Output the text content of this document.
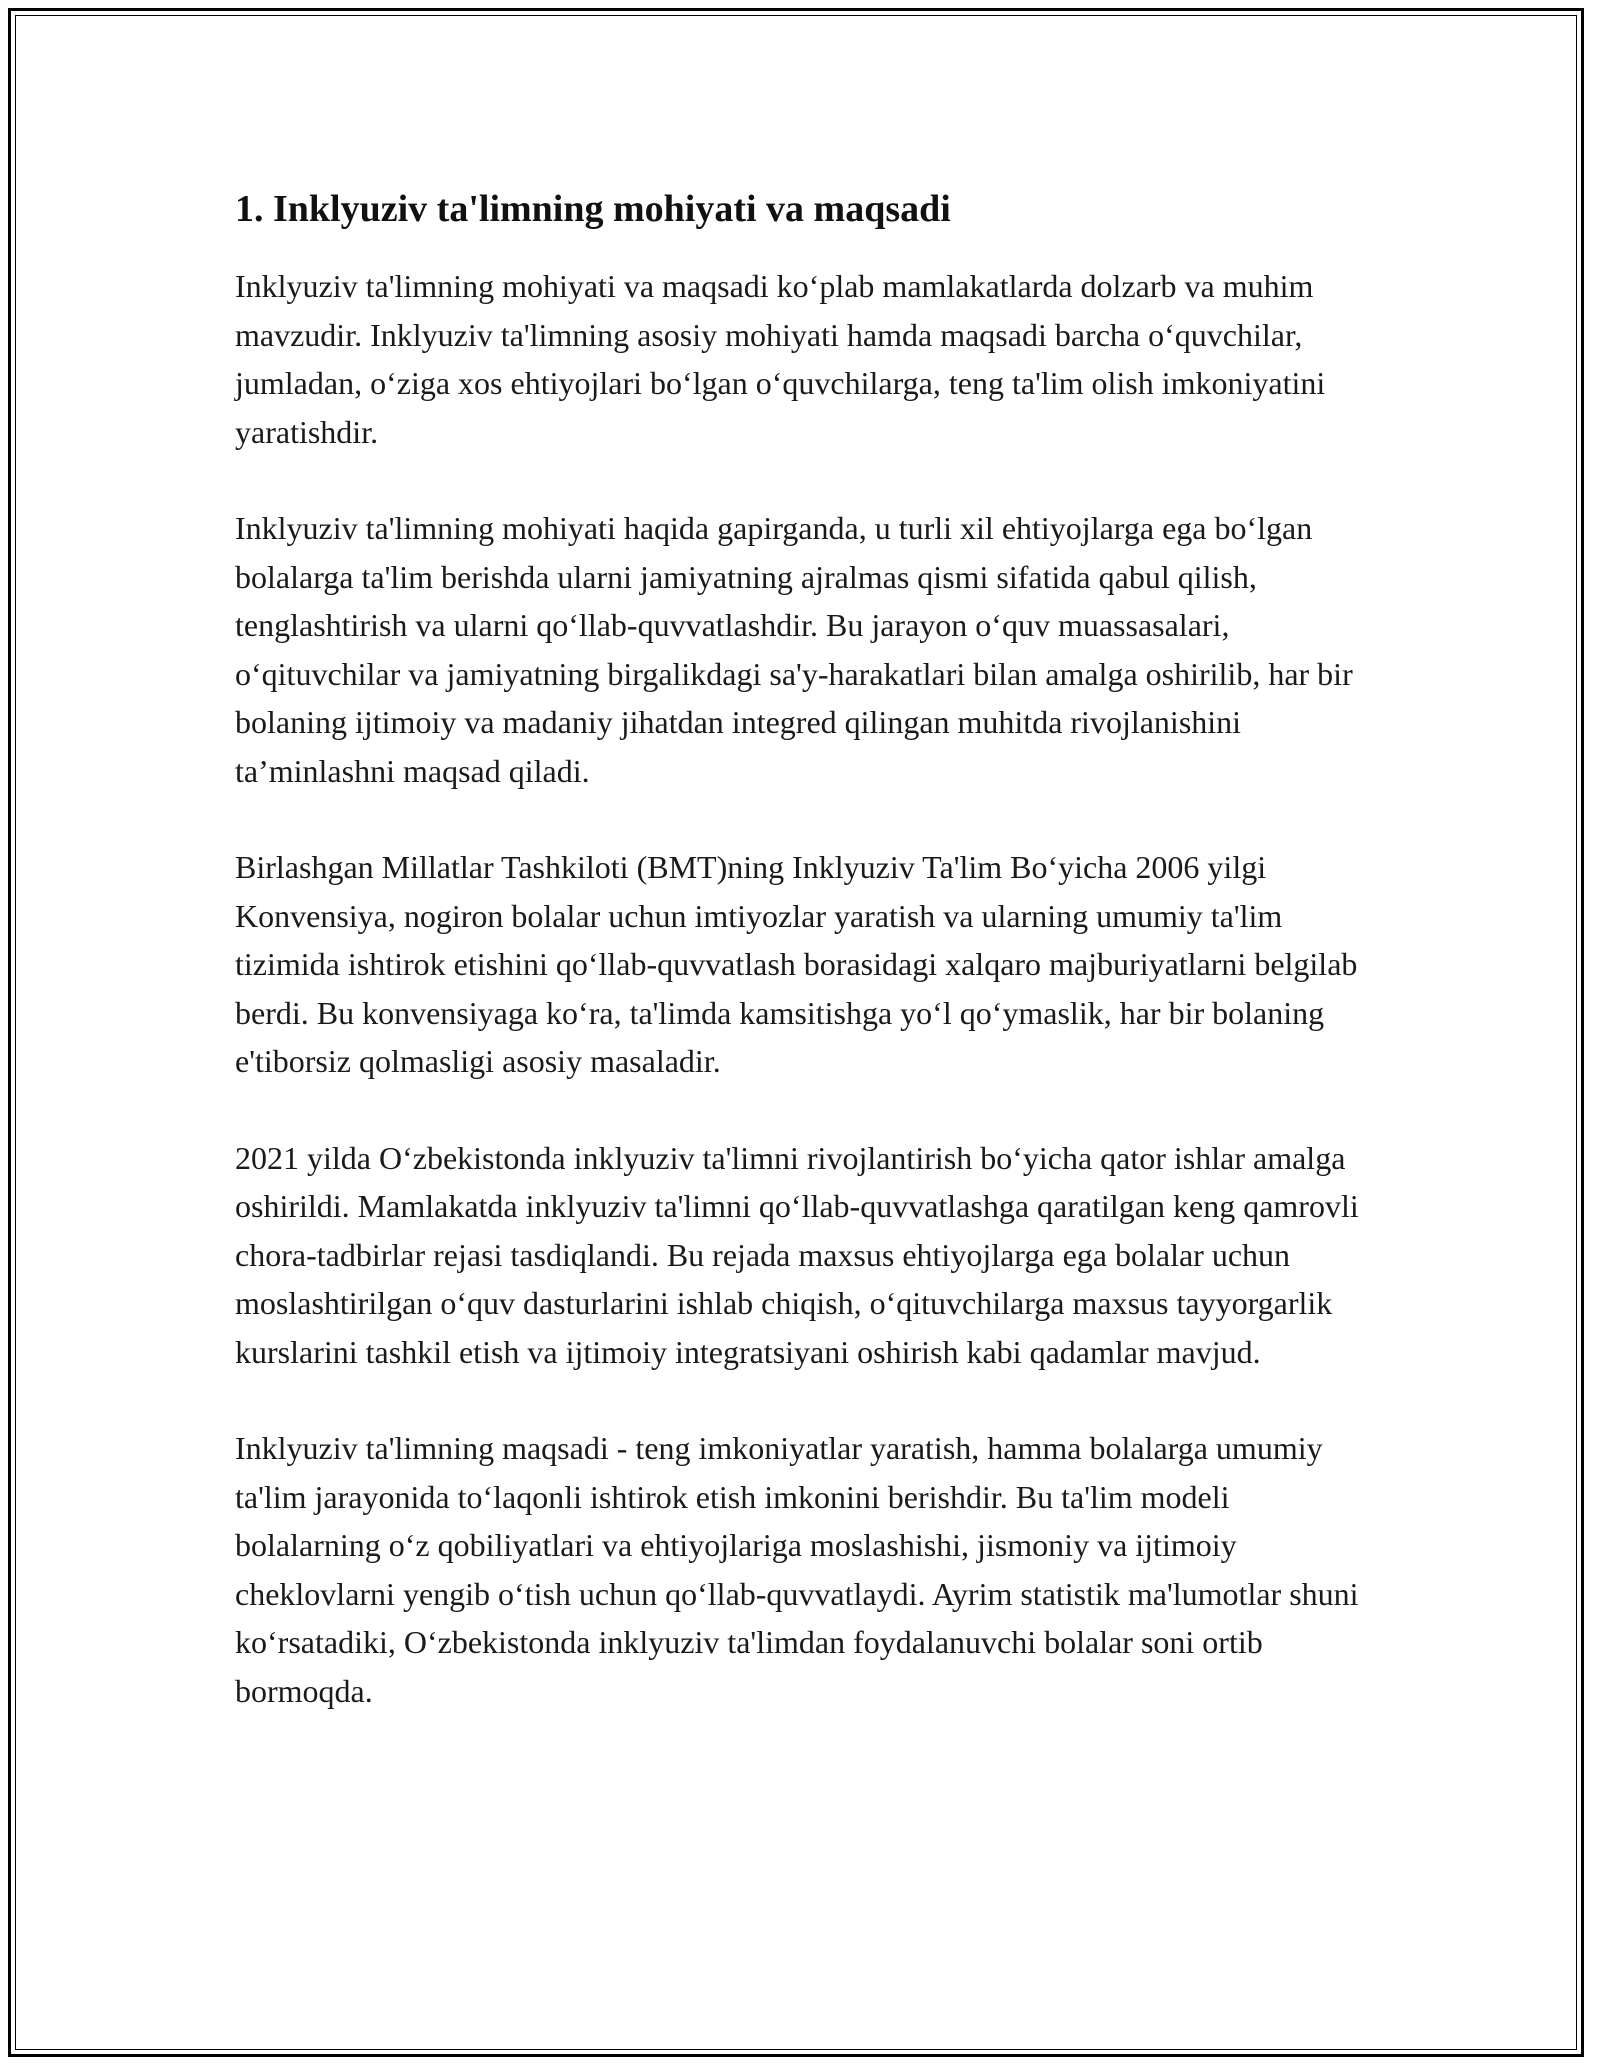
1. Inklyuziv ta'limning mohiyati va maqsadi

Inklyuziv ta'limning mohiyati va maqsadi ko‘plab mamlakatlarda dolzarb va muhim mavzudir. Inklyuziv ta'limning asosiy mohiyati hamda maqsadi barcha o‘quvchilar, jumladan, o‘ziga xos ehtiyojlari bo‘lgan o‘quvchilarga, teng ta'lim olish imkoniyatini yaratishdir.

Inklyuziv ta'limning mohiyati haqida gapirganda, u turli xil ehtiyojlarga ega bo‘lgan bolalarga ta'lim berishda ularni jamiyatning ajralmas qismi sifatida qabul qilish, tenglashtirish va ularni qo‘llab-quvvatlashdir. Bu jarayon o‘quv muassasalari, o‘qituvchilar va jamiyatning birgalikdagi sa'y-harakatlari bilan amalga oshirilib, har bir bolaning ijtimoiy va madaniy jihatdan integred qilingan muhitda rivojlanishini ta’minlashni maqsad qiladi.

Birlashgan Millatlar Tashkiloti (BMT)ning Inklyuziv Ta'lim Bo‘yicha 2006 yilgi Konvensiya, nogiron bolalar uchun imtiyozlar yaratish va ularning umumiy ta'lim tizimida ishtirok etishini qo‘llab-quvvatlash borasidagi xalqaro majburiyatlarni belgilab berdi. Bu konvensiyaga ko‘ra, ta'limda kamsitishga yo‘l qo‘ymaslik, har bir bolaning e'tiborsiz qolmasligi asosiy masaladir.

2021 yilda O‘zbekistonda inklyuziv ta'limni rivojlantirish bo‘yicha qator ishlar amalga oshirildi. Mamlakatda inklyuziv ta'limni qo‘llab-quvvatlashga qaratilgan keng qamrovli chora-tadbirlar rejasi tasdiqlandi. Bu rejada maxsus ehtiyojlarga ega bolalar uchun moslashtirilgan o‘quv dasturlarini ishlab chiqish, o‘qituvchilarga maxsus tayyorgarlik kurslarini tashkil etish va ijtimoiy integratsiyani oshirish kabi qadamlar mavjud.

Inklyuziv ta'limning maqsadi - teng imkoniyatlar yaratish, hamma bolalarga umumiy ta'lim jarayonida to‘laqonli ishtirok etish imkonini berishdir. Bu ta'lim modeli bolalarning o‘z qobiliyatlari va ehtiyojlariga moslashishi, jismoniy va ijtimoiy cheklovlarni yengib o‘tish uchun qo‘llab-quvvatlaydi. Ayrim statistik ma'lumotlar shuni ko‘rsatadiki, O‘zbekistonda inklyuziv ta'limdan foydalanuvchi bolalar soni ortib bormoqda.
